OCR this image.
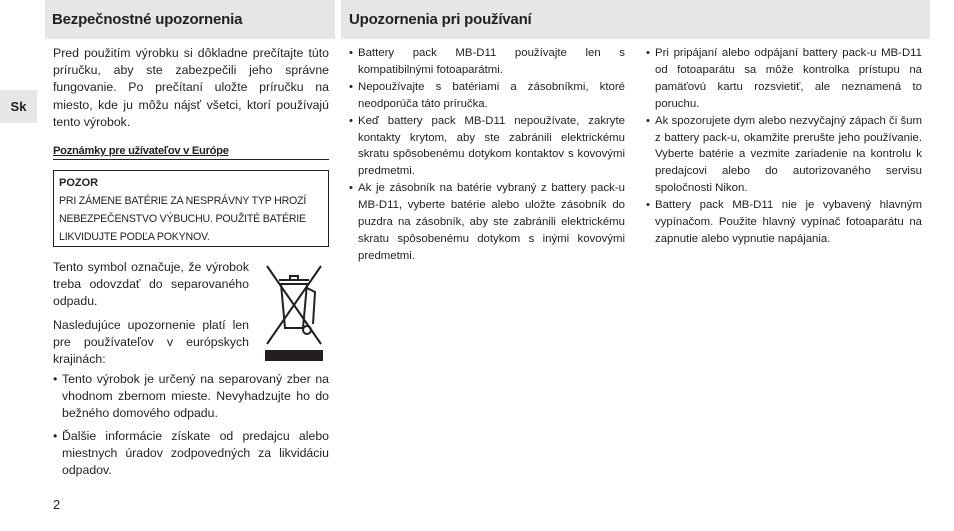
Bezpečnostné upozornenia	Upozornenia pri používaní
Sk
Pred použitím výrobku si dôkladne prečítajte túto príručku, aby ste zabezpečili jeho správne fungovanie. Po prečítaní uložte príručku na miesto, kde ju môžu nájsť všetci, ktorí používajú tento výrobok.
Poznámky pre užívateľov v Európe
POZOR
PRI ZÁMENE BATÉRIE ZA NESPRÁVNY TYP HROZÍ NEBEZPEČENSTVO VÝBUCHU. POUŽITÉ BATÉRIE LIKVIDUJTE PODĽA POKYNOV.
Tento symbol označuje, že výrobok treba odovzdať do separovaného odpadu.
Nasledujúce upozornenie platí len pre používateľov v európskych krajinách:
• Tento výrobok je určený na separovaný zber na vhodnom zbernom mieste. Nevyhadzujte ho do bežného domového odpadu.
• Ďalšie informácie získate od predajcu alebo miestnych úradov zodpovedných za likvidáciu odpadov.
• Battery pack MB-D11 používajte len s kompatibilnými fotoaparátmi.
• Nepoužívajte s batériami a zásobníkmi, ktoré neodporúča táto príručka.
• Keď battery pack MB-D11 nepoužívate, zakryte kontakty krytom, aby ste zabránili elektrickému skratu spôsobenému dotykom kontaktov s kovovými predmetmi.
• Ak je zásobník na batérie vybraný z battery pack-u MB-D11, vyberte batérie alebo uložte zásobník do puzdra na zásobník, aby ste zabránili elektrickému skratu spôsobenému dotykom s inými kovovými predmetmi.
• Pri pripájaní alebo odpájaní battery pack-u MB-D11 od fotoaparátu sa môže kontrolka prístupu na pamäťovú kartu rozsvietiť, ale neznamená to poruchu.
• Ak spozorujete dym alebo nezvyčajný zápach či šum z battery pack-u, okamžite prerušte jeho používanie. Vyberte batérie a vezmite zariadenie na kontrolu k predajcovi alebo do autorizovaného servisu spoločnosti Nikon.
• Battery pack MB-D11 nie je vybavený hlavným vypínačom. Použite hlavný vypínač fotoaparátu na zapnutie alebo vypnutie napájania.
2
